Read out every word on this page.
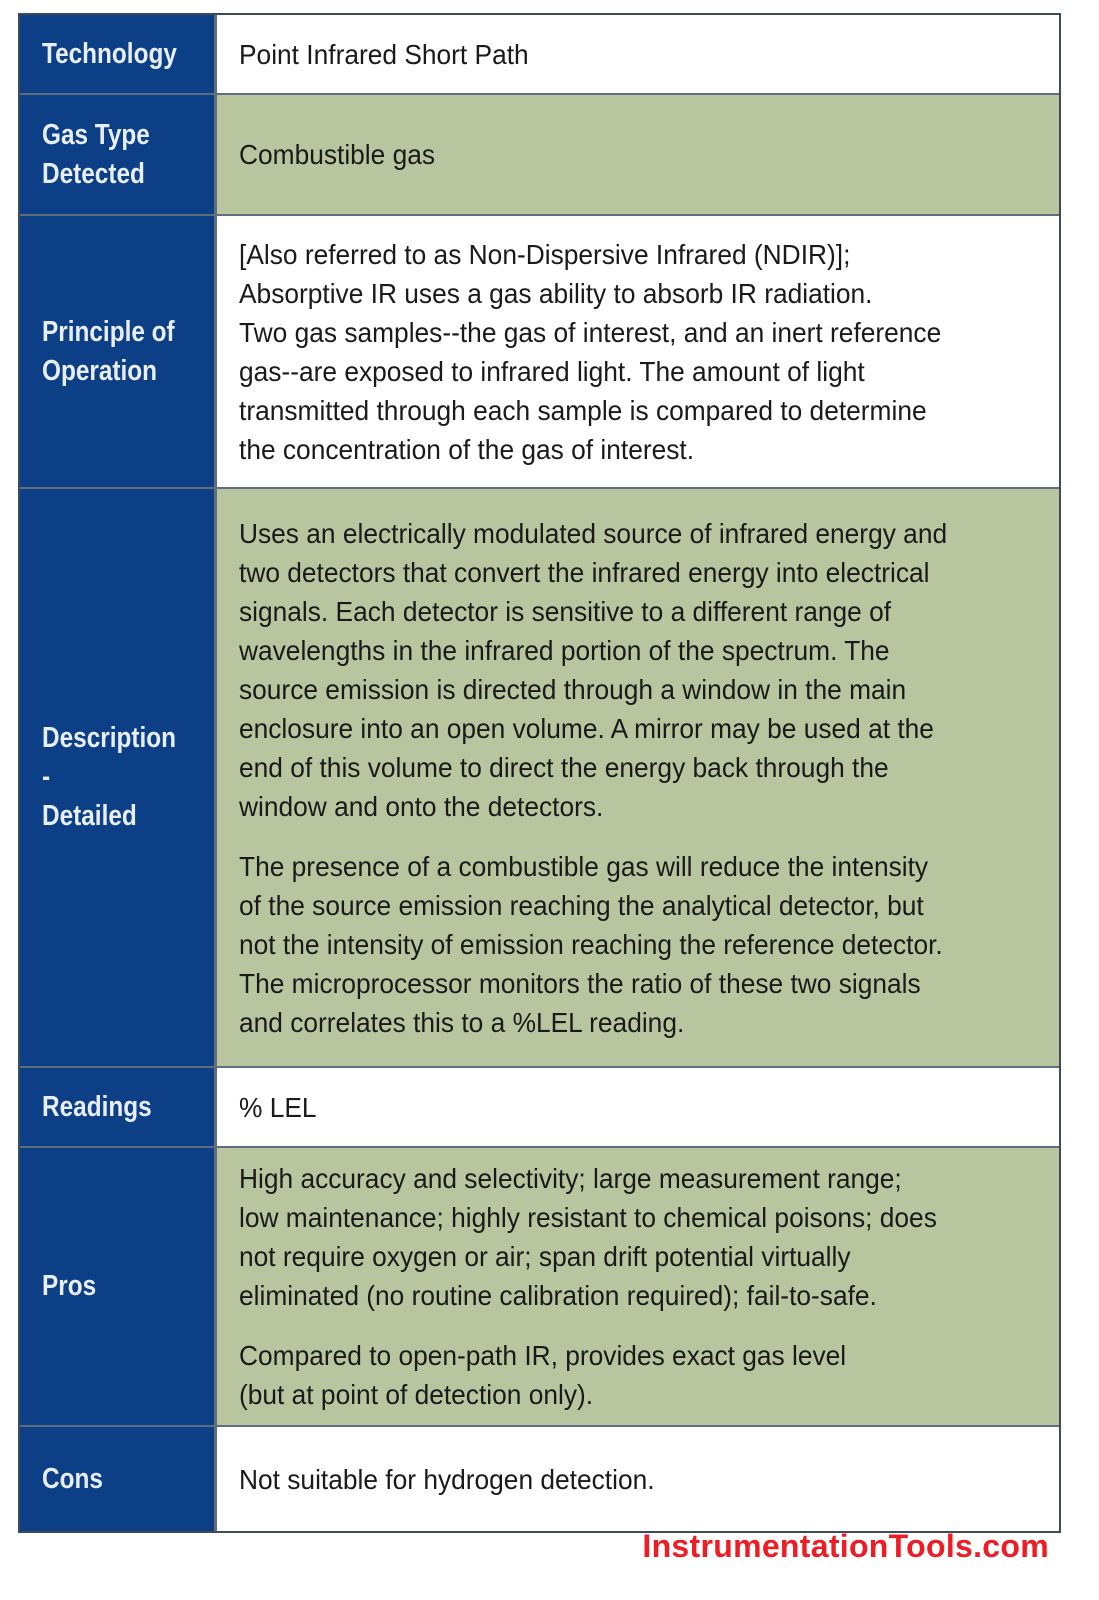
Technology Point Infrared Short Path

Gas Type
Detected

Combustible gas

Principle of
Operation

[Also referred to as Non-Dispersive Infrared (NDIR)];
Absorptive IR uses a gas ability to absorb IR radiation.
Two gas samples--the gas of interest, and an inert reference
gas--are exposed to infrared light. The amount of light
transmitted through each sample is compared to determine
the concentration of the gas of interest.

Description -
Detailed

Uses an electrically modulated source of infrared energy and
two detectors that convert the infrared energy into electrical
signals. Each detector is sensitive to a different range of
wavelengths in the infrared portion of the spectrum. The
source emission is directed through a window in the main
enclosure into an open volume. A mirror may be used at the
end of this volume to direct the energy back through the
window and onto the detectors.

The presence of a combustible gas will reduce the intensity
of the source emission reaching the analytical detector, but
not the intensity of emission reaching the reference detector.
The microprocessor monitors the ratio of these two signals
and correlates this to a %LEL reading.

Readings	% LEL

Pros

High accuracy and selectivity; large measurement range;
low maintenance; highly resistant to chemical poisons; does
not require oxygen or air; span drift potential virtually
eliminated (no routine calibration required); fail-to-safe.

Compared to open-path IR, provides exact gas level
(but at point of detection only).

Cons	Not suitable for hydrogen detection.

InstrumentationTools.com
